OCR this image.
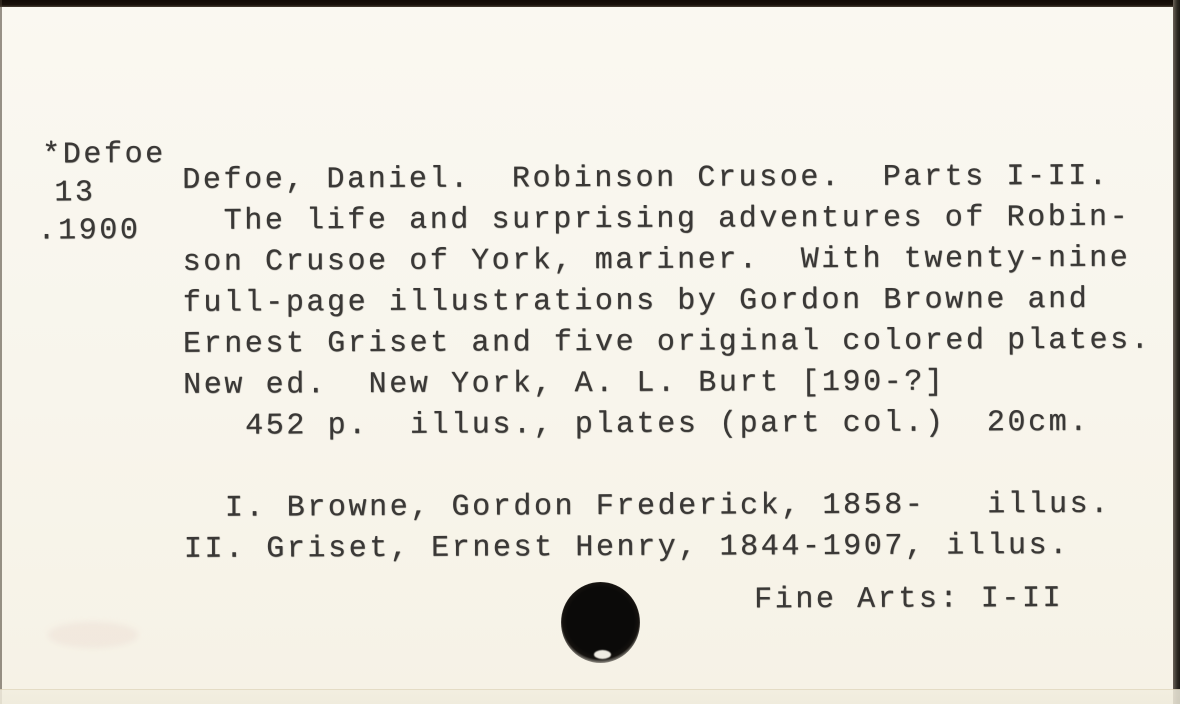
*Defoe
13
.1900
Defoe, Daniel.  Robinson Crusoe.  Parts I-II.
The life and surprising adventures of Robin-
son Crusoe of York, mariner.  With twenty-nine
full-page illustrations by Gordon Browne and
Ernest Griset and five original colored plates.
New ed.  New York, A. L. Burt [190-?]
452 p.  illus., plates (part col.)  20cm.
I. Browne, Gordon Frederick, 1858-   illus.
II. Griset, Ernest Henry, 1844-1907, illus.
Fine Arts: I-II
